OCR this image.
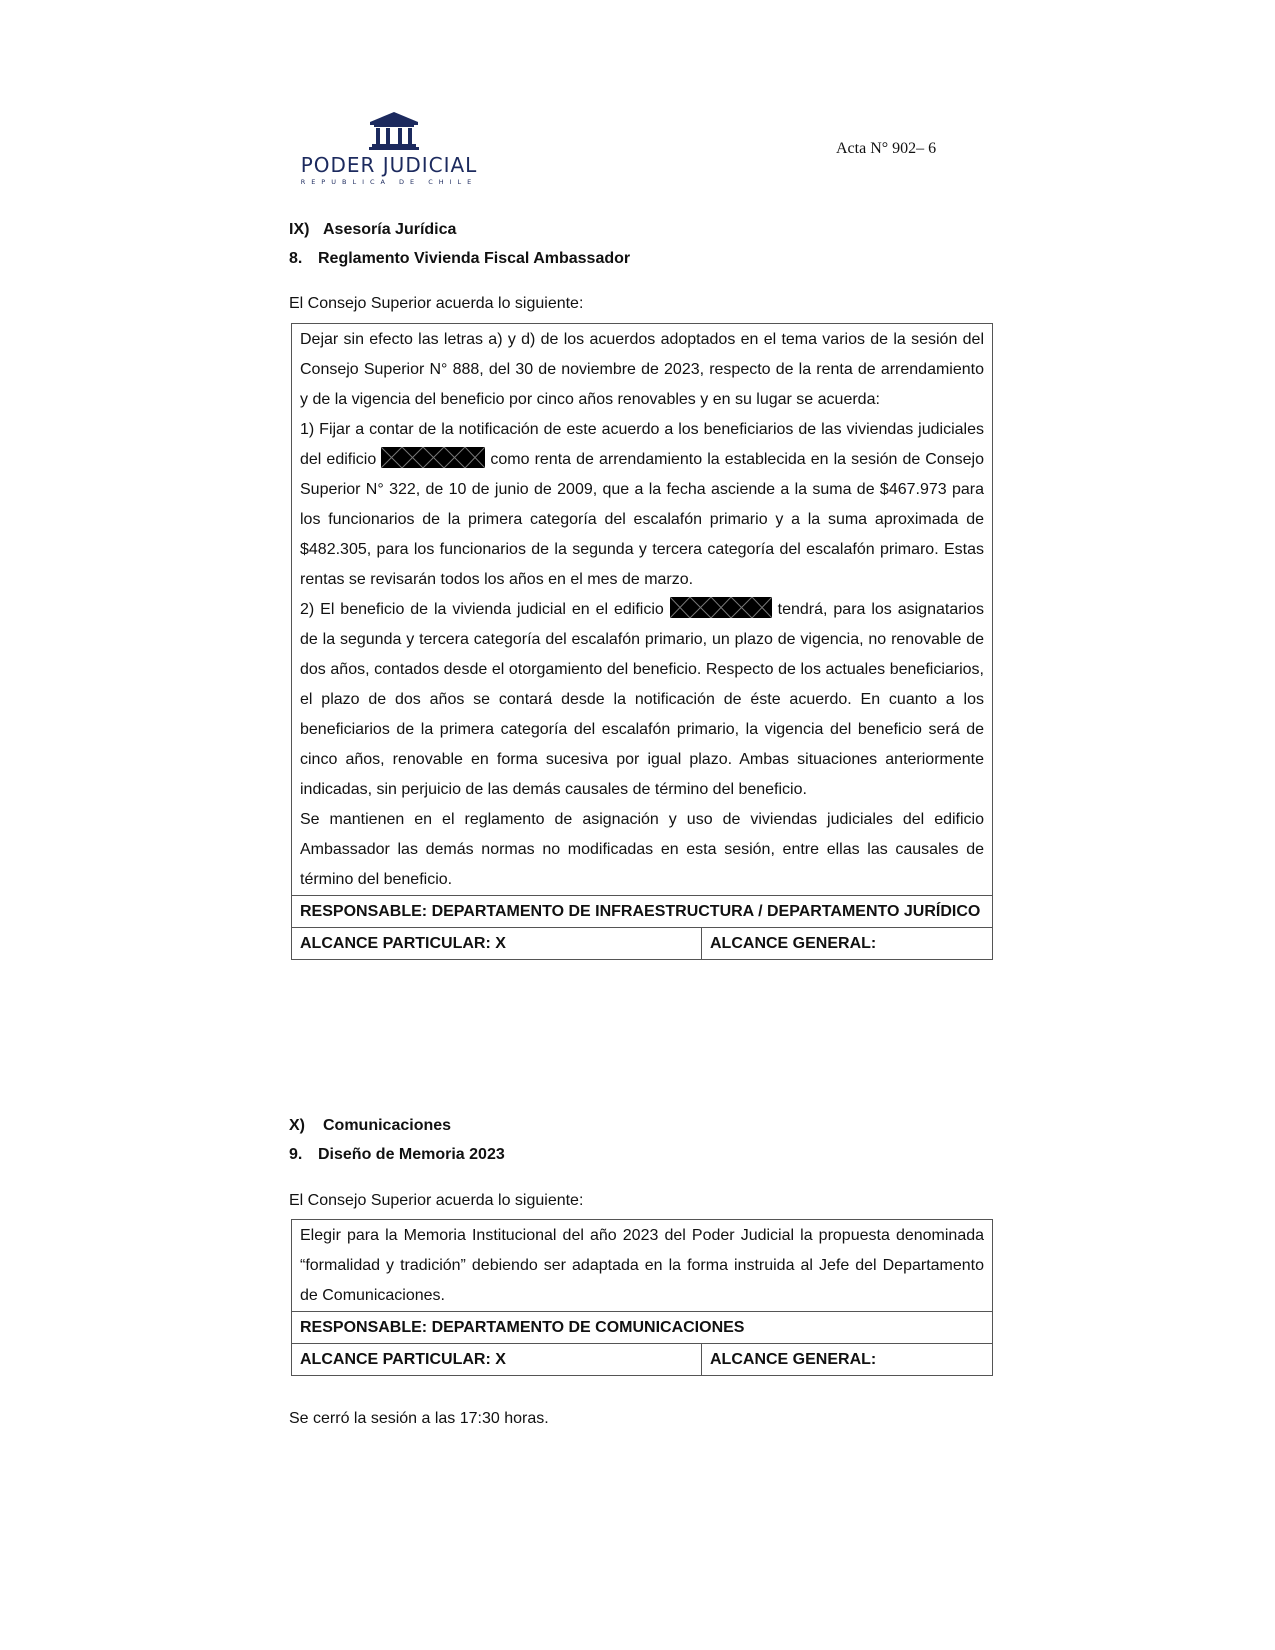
PODER JUDICIAL
REPUBLICA DE CHILE
Acta N° 902– 6
IX) Asesoría Jurídica
8. Reglamento Vivienda Fiscal Ambassador
El Consejo Superior acuerda lo siguiente:

Dejar sin efecto las letras a) y d) de los acuerdos adoptados en el tema varios de la sesión del Consejo Superior N° 888, del 30 de noviembre de 2023, respecto de la renta de arrendamiento y de la vigencia del beneficio por cinco años renovables y en su lugar se acuerda:

1) Fijar a contar de la notificación de este acuerdo a los beneficiarios de las viviendas judiciales del edificio	como renta de arrendamiento la establecida en la sesión de Consejo Superior N° 322, de 10 de junio de 2009, que a la fecha asciende a la suma de $467.973 para los funcionarios de la primera categoría del escalafón primario y a la suma aproximada de $482.305, para los funcionarios de la segunda y tercera categoría del escalafón primaro. Estas rentas se revisarán todos los años en el mes de marzo.

2) El beneficio de la vivienda judicial en el edificio	tendrá, para los asignatarios de la segunda y tercera categoría del escalafón primario, un plazo de vigencia, no renovable de dos años, contados desde el otorgamiento del beneficio. Respecto de los actuales beneficiarios, el plazo de dos años se contará desde la notificación de éste acuerdo. En cuanto a los beneficiarios de la primera categoría del escalafón primario, la vigencia del beneficio será de cinco años, renovable en forma sucesiva por igual plazo. Ambas situaciones anteriormente indicadas, sin perjuicio de las demás causales de término del beneficio.

Se mantienen en el reglamento de asignación y uso de viviendas judiciales del edificio Ambassador las demás normas no modificadas en esta sesión, entre ellas las causales de término del beneficio.

RESPONSABLE: DEPARTAMENTO DE INFRAESTRUCTURA / DEPARTAMENTO JURÍDICO
ALCANCE PARTICULAR: X	ALCANCE GENERAL:
X) Comunicaciones
9. Diseño de Memoria 2023
El Consejo Superior acuerda lo siguiente:

Elegir para la Memoria Institucional del año 2023 del Poder Judicial la propuesta denominada “formalidad y tradición” debiendo ser adaptada en la forma instruida al Jefe del Departamento de Comunicaciones.

RESPONSABLE: DEPARTAMENTO DE COMUNICACIONES
ALCANCE PARTICULAR: X	ALCANCE GENERAL:
Se cerró la sesión a las 17:30 horas.
